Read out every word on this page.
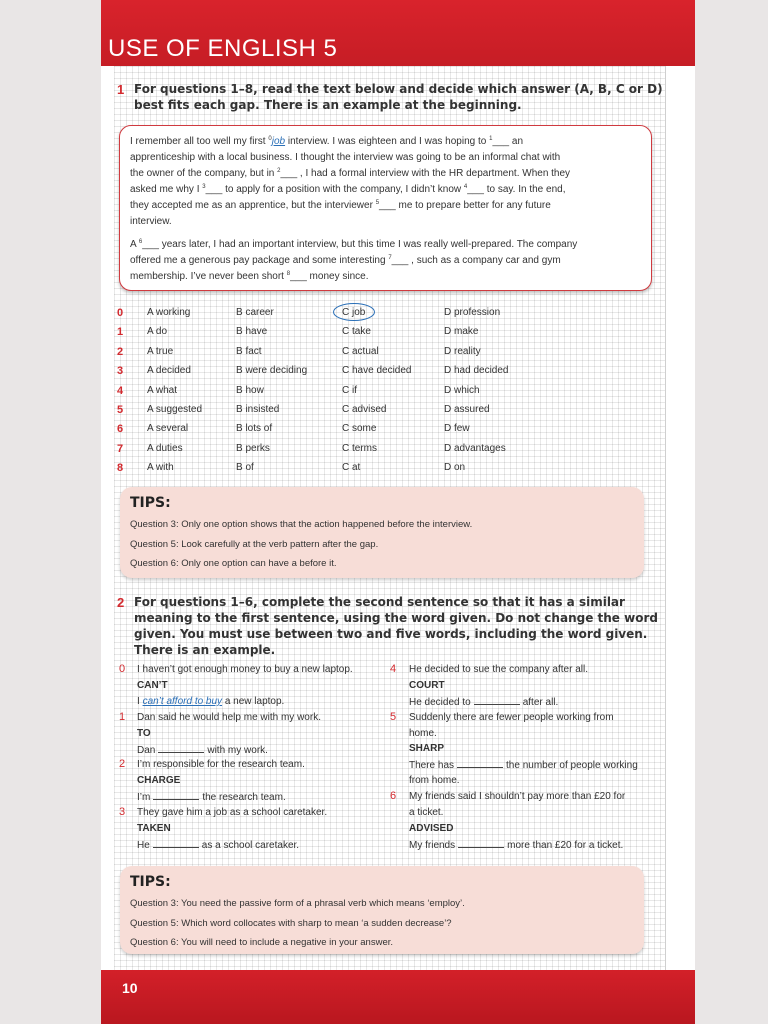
USE OF ENGLISH 5
1 For questions 1–8, read the text below and decide which answer (A, B, C or D)
best fits each gap. There is an example at the beginning.

I remember all too well my first $^0$job interview. I was eighteen and I was hoping to $^1$___ an
apprenticeship with a local business. I thought the interview was going to be an informal chat with
the owner of the company, but in $^2$___ , I had a formal interview with the HR department. When they
asked me why I $^3$___ to apply for a position with the company, I didn’t know $^4$___ to say. In the end,
they accepted me as an apprentice, but the interviewer $^5$___ me to prepare better for any future
interview.

A $^6$___ years later, I had an important interview, but this time I was really well-prepared. The company
offered me a generous pay package and some interesting $^7$___ , such as a company car and gym
membership. I’ve never been short $^8$___ money since.

0 A working	B career	C job	D profession
1 A do	B have	C take	D make
2 A true	B fact	C actual	D reality
3 A decided	B were deciding	C have decided	D had decided
4 A what	B how	C if	D which
5 A suggested	B insisted	C advised	D assured
6 A several	B lots of	C some	D few
7 A duties	B perks	C terms	D advantages
8 A with	B of	C at	D on
TIPS:
Question 3: Only one option shows that the action happened before the interview.
Question 5: Look carefully at the verb pattern after the gap.
Question 6: Only one option can have a before it.
2 For questions 1–6, complete the second sentence so that it has a similar
meaning to the first sentence, using the word given. Do not change the word
given. You must use between two and five words, including the word given.
There is an example.
0 I haven’t got enough money to buy a new laptop.
CAN’T
I can’t afford to buy a new laptop.
1 Dan said he would help me with my work.
TO
Dan	with my work.
2 I’m responsible for the research team.
CHARGE
I’m	the research team.
3 They gave him a job as a school caretaker.
TAKEN
He	as a school caretaker.
4 He decided to sue the company after all.
COURT
He decided to	after all.
5 Suddenly there are fewer people working from
home.
SHARP
There has	the number of people working
from home.
6 My friends said I shouldn’t pay more than £20 for
a ticket.
ADVISED
My friends	more than £20 for a ticket.
TIPS:
Question 3: You need the passive form of a phrasal verb which means ‘employ’.
Question 5: Which word collocates with sharp to mean ‘a sudden decrease’?
Question 6: You will need to include a negative in your answer.
10
